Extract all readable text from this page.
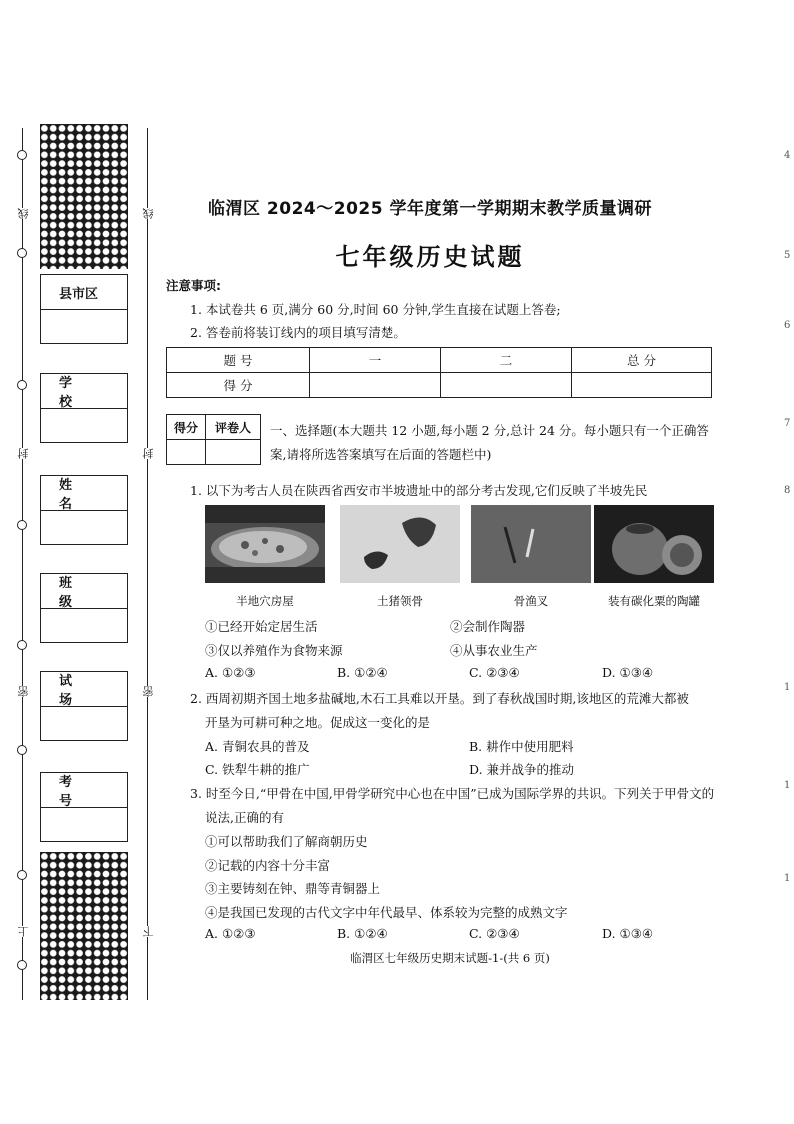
线	线
封	封
密	密
上	下
县市区
学 校
姓 名
班 级
试 场
考 号
临渭区 2024～2025 学年度第一学期期末教学质量调研
七年级历史试题
注意事项:
1. 本试卷共 6 页,满分 60 分,时间 60 分钟,学生直接在试题上答卷;
2. 答卷前将装订线内的项目填写清楚。
题 号	一	二	总 分
得 分			
得分	评卷人
	一、选择题(本大题共 12 小题,每小题 2 分,总计 24 分。每小题只有一个正确答
案,请将所选答案填写在后面的答题栏中)
1. 以下为考古人员在陕西省西安市半坡遗址中的部分考古发现,它们反映了半坡先民
半地穴房屋	土猪领骨	骨渔叉	装有碳化粟的陶罐
①已经开始定居生活	②会制作陶器
③仅以养殖作为食物来源	④从事农业生产
A. ①②③	B. ①②④	C. ②③④	D. ①③④
2. 西周初期齐国土地多盐碱地,木石工具难以开垦。到了春秋战国时期,该地区的荒滩大都被
开垦为可耕可种之地。促成这一变化的是
A. 青铜农具的普及	B. 耕作中使用肥料
C. 铁犁牛耕的推广	D. 兼并战争的推动
3. 时至今日,“甲骨在中国,甲骨学研究中心也在中国”已成为国际学界的共识。下列关于甲骨文的
说法,正确的有
①可以帮助我们了解商朝历史
②记载的内容十分丰富
③主要铸刻在钟、鼎等青铜器上
④是我国已发现的古代文字中年代最早、体系较为完整的成熟文字
A. ①②③	B. ①②④	C. ②③④	D. ①③④
临渭区七年级历史期末试题-1-(共 6 页)
4
5
6
7
8
1
1
1
